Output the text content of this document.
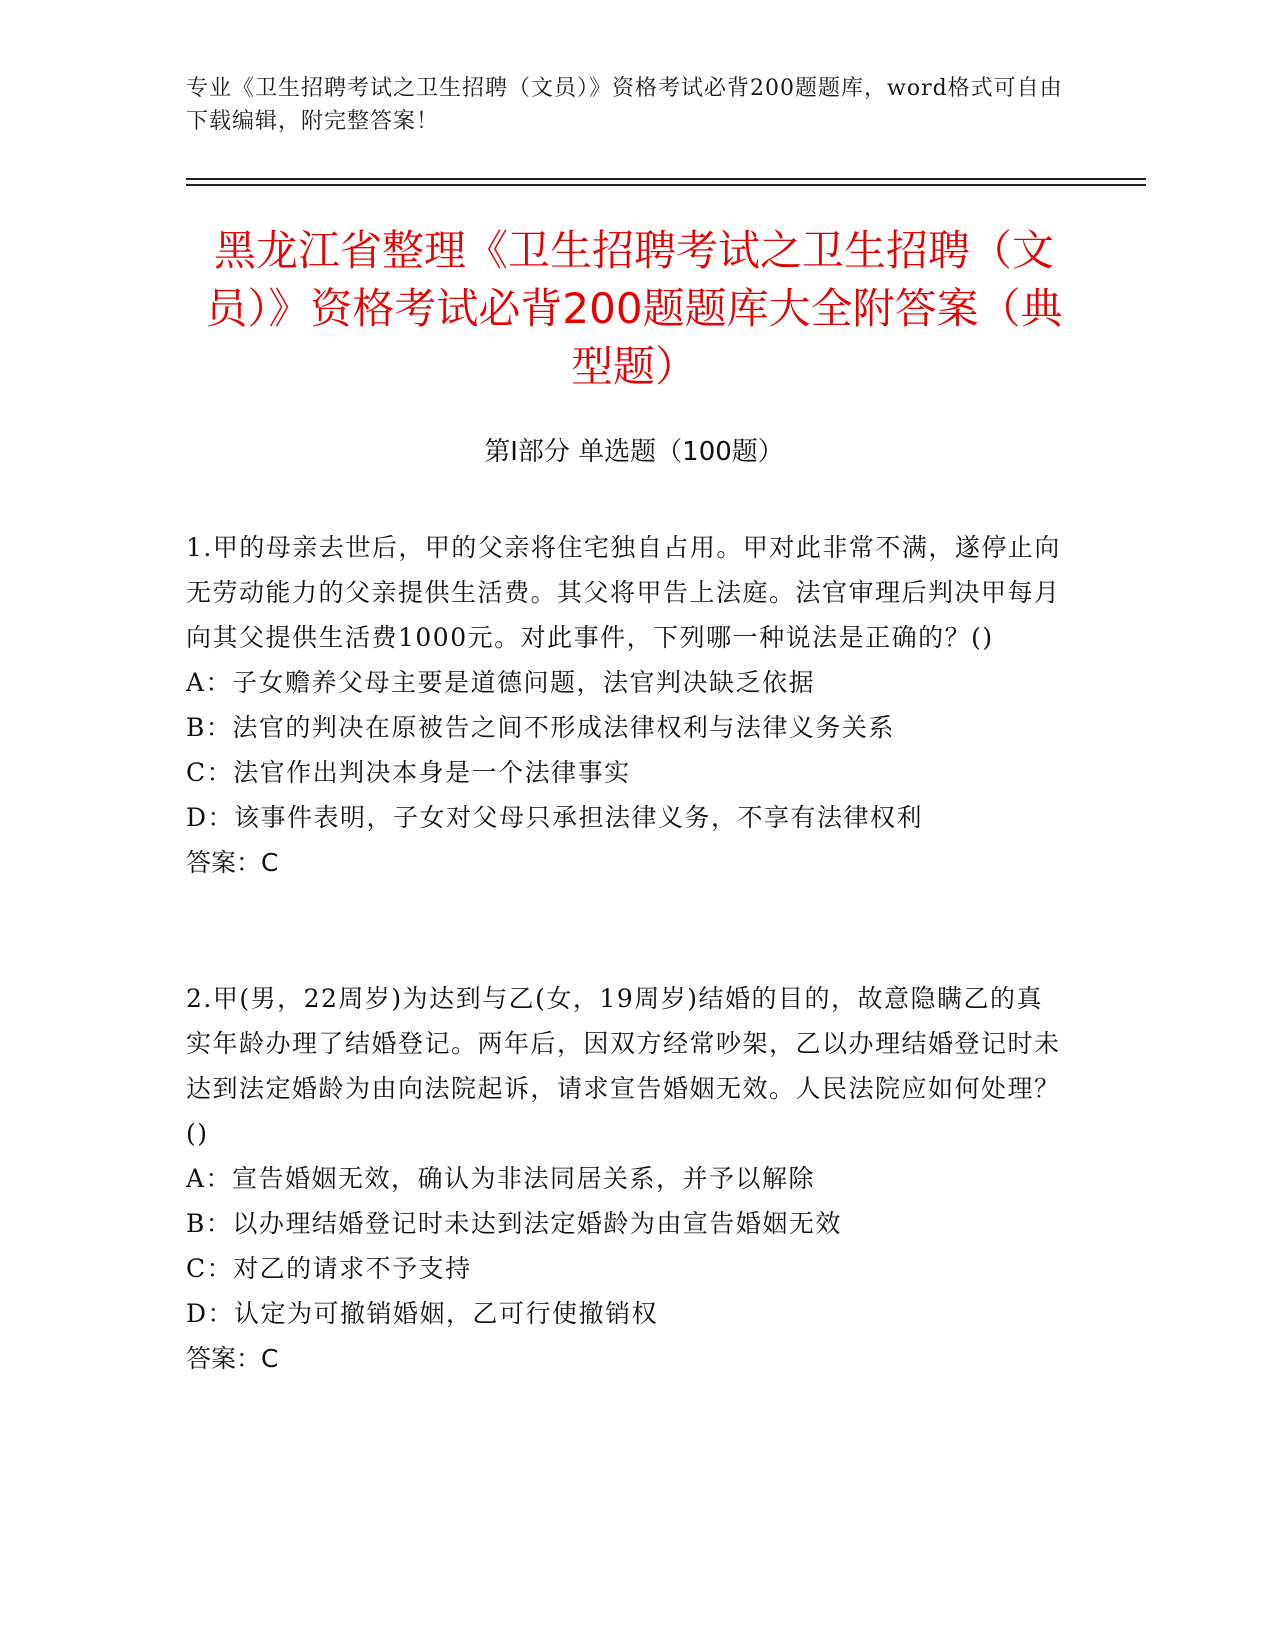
专业《卫生招聘考试之卫生招聘（文员）》资格考试必背200题题库，word格式可自由下载编辑，附完整答案！
黑龙江省整理《卫生招聘考试之卫生招聘（文员）》资格考试必背200题题库大全附答案（典型题）
第Ⅰ部分 单选题（100题）

1.甲的母亲去世后，甲的父亲将住宅独自占用。甲对此非常不满，遂停止向无劳动能力的父亲提供生活费。其父将甲告上法庭。法官审理后判决甲每月向其父提供生活费1000元。对此事件，下列哪一种说法是正确的？()

A：子女赡养父母主要是道德问题，法官判决缺乏依据

B：法官的判决在原被告之间不形成法律权利与法律义务关系

C：法官作出判决本身是一个法律事实

D：该事件表明，子女对父母只承担法律义务，不享有法律权利

答案：C

2.甲(男，22周岁)为达到与乙(女，19周岁)结婚的目的，故意隐瞒乙的真实年龄办理了结婚登记。两年后，因双方经常吵架，乙以办理结婚登记时未达到法定婚龄为由向法院起诉，请求宣告婚姻无效。人民法院应如何处理？()

A：宣告婚姻无效，确认为非法同居关系，并予以解除

B：以办理结婚登记时未达到法定婚龄为由宣告婚姻无效

C：对乙的请求不予支持

D：认定为可撤销婚姻，乙可行使撤销权

答案：C
